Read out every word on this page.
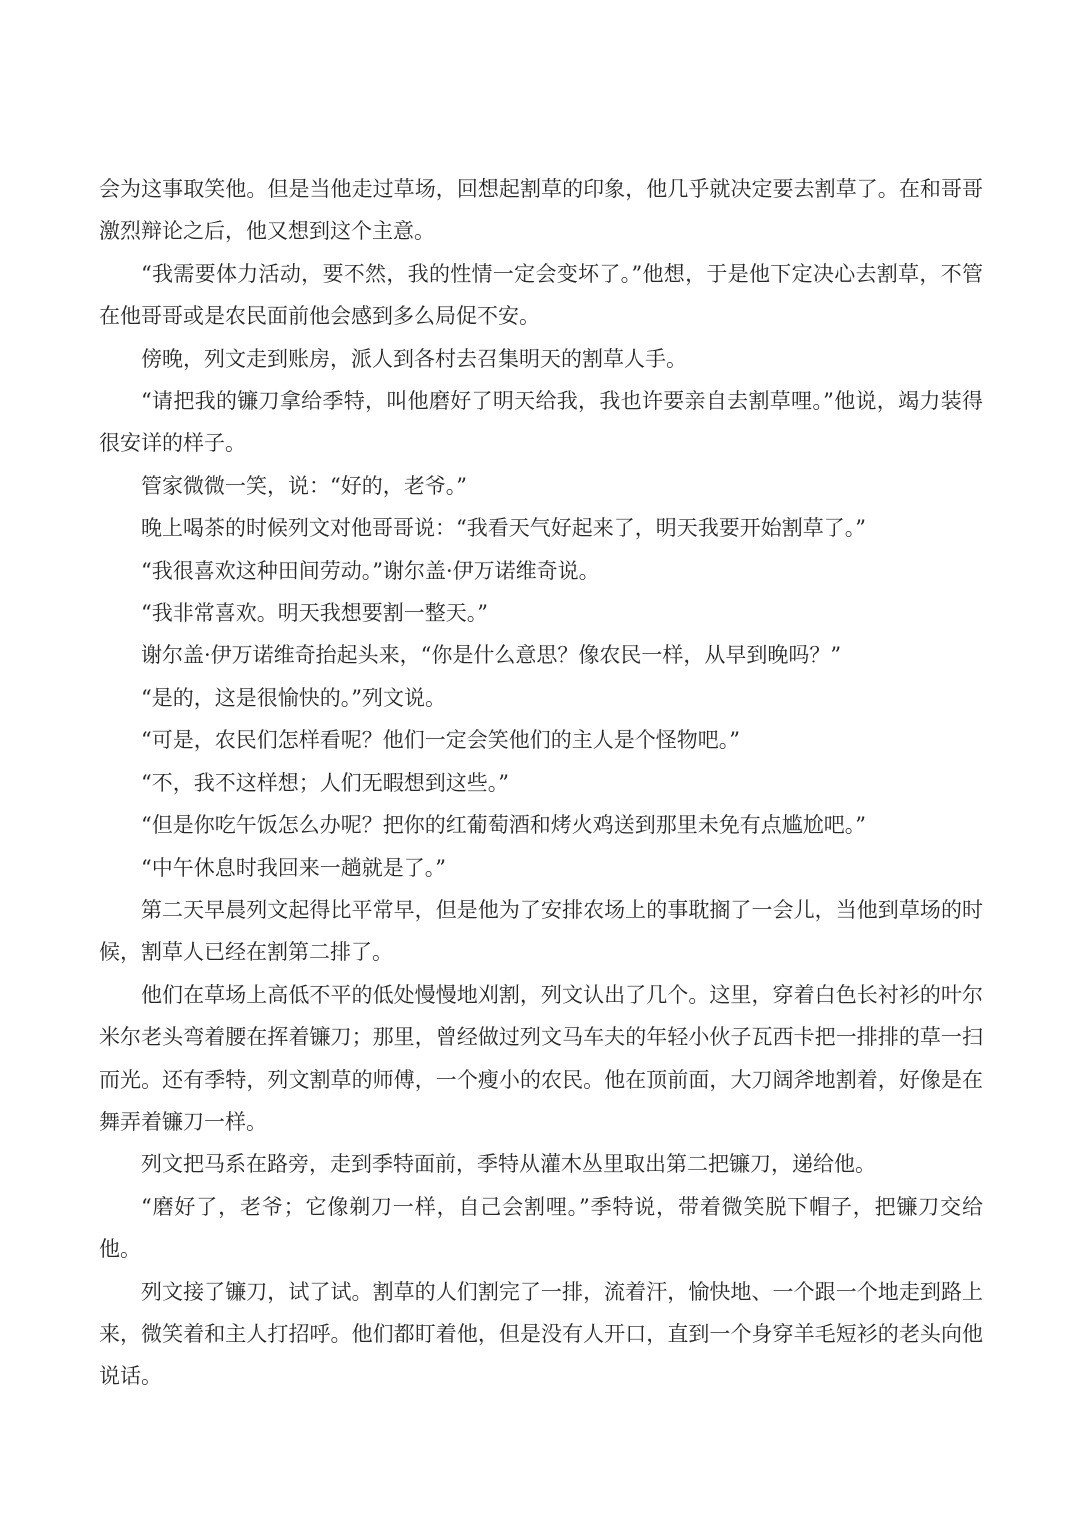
会为这事取笑他。但是当他走过草场，回想起割草的印象，他几乎就决定要去割草了。在和哥哥激烈辩论之后，他又想到这个主意。

“我需要体力活动，要不然，我的性情一定会变坏了。”他想，于是他下定决心去割草，不管在他哥哥或是农民面前他会感到多么局促不安。

傍晚，列文走到账房，派人到各村去召集明天的割草人手。

“请把我的镰刀拿给季特，叫他磨好了明天给我，我也许要亲自去割草哩。”他说，竭力装得很安详的样子。

管家微微一笑，说：“好的，老爷。”

晚上喝茶的时候列文对他哥哥说：“我看天气好起来了，明天我要开始割草了。”

“我很喜欢这种田间劳动。”谢尔盖·伊万诺维奇说。

“我非常喜欢。明天我想要割一整天。”

谢尔盖·伊万诺维奇抬起头来，“你是什么意思？像农民一样，从早到晚吗？”

“是的，这是很愉快的。”列文说。

“可是，农民们怎样看呢？他们一定会笑他们的主人是个怪物吧。”

“不，我不这样想；人们无暇想到这些。”

“但是你吃午饭怎么办呢？把你的红葡萄酒和烤火鸡送到那里未免有点尴尬吧。”

“中午休息时我回来一趟就是了。”

第二天早晨列文起得比平常早，但是他为了安排农场上的事耽搁了一会儿，当他到草场的时候，割草人已经在割第二排了。

他们在草场上高低不平的低处慢慢地刈割，列文认出了几个。这里，穿着白色长衬衫的叶尔米尔老头弯着腰在挥着镰刀；那里，曾经做过列文马车夫的年轻小伙子瓦西卡把一排排的草一扫而光。还有季特，列文割草的师傅，一个瘦小的农民。他在顶前面，大刀阔斧地割着，好像是在舞弄着镰刀一样。

列文把马系在路旁，走到季特面前，季特从灌木丛里取出第二把镰刀，递给他。

“磨好了，老爷；它像剃刀一样，自己会割哩。”季特说，带着微笑脱下帽子，把镰刀交给他。

列文接了镰刀，试了试。割草的人们割完了一排，流着汗，愉快地、一个跟一个地走到路上来，微笑着和主人打招呼。他们都盯着他，但是没有人开口，直到一个身穿羊毛短衫的老头向他说话。
